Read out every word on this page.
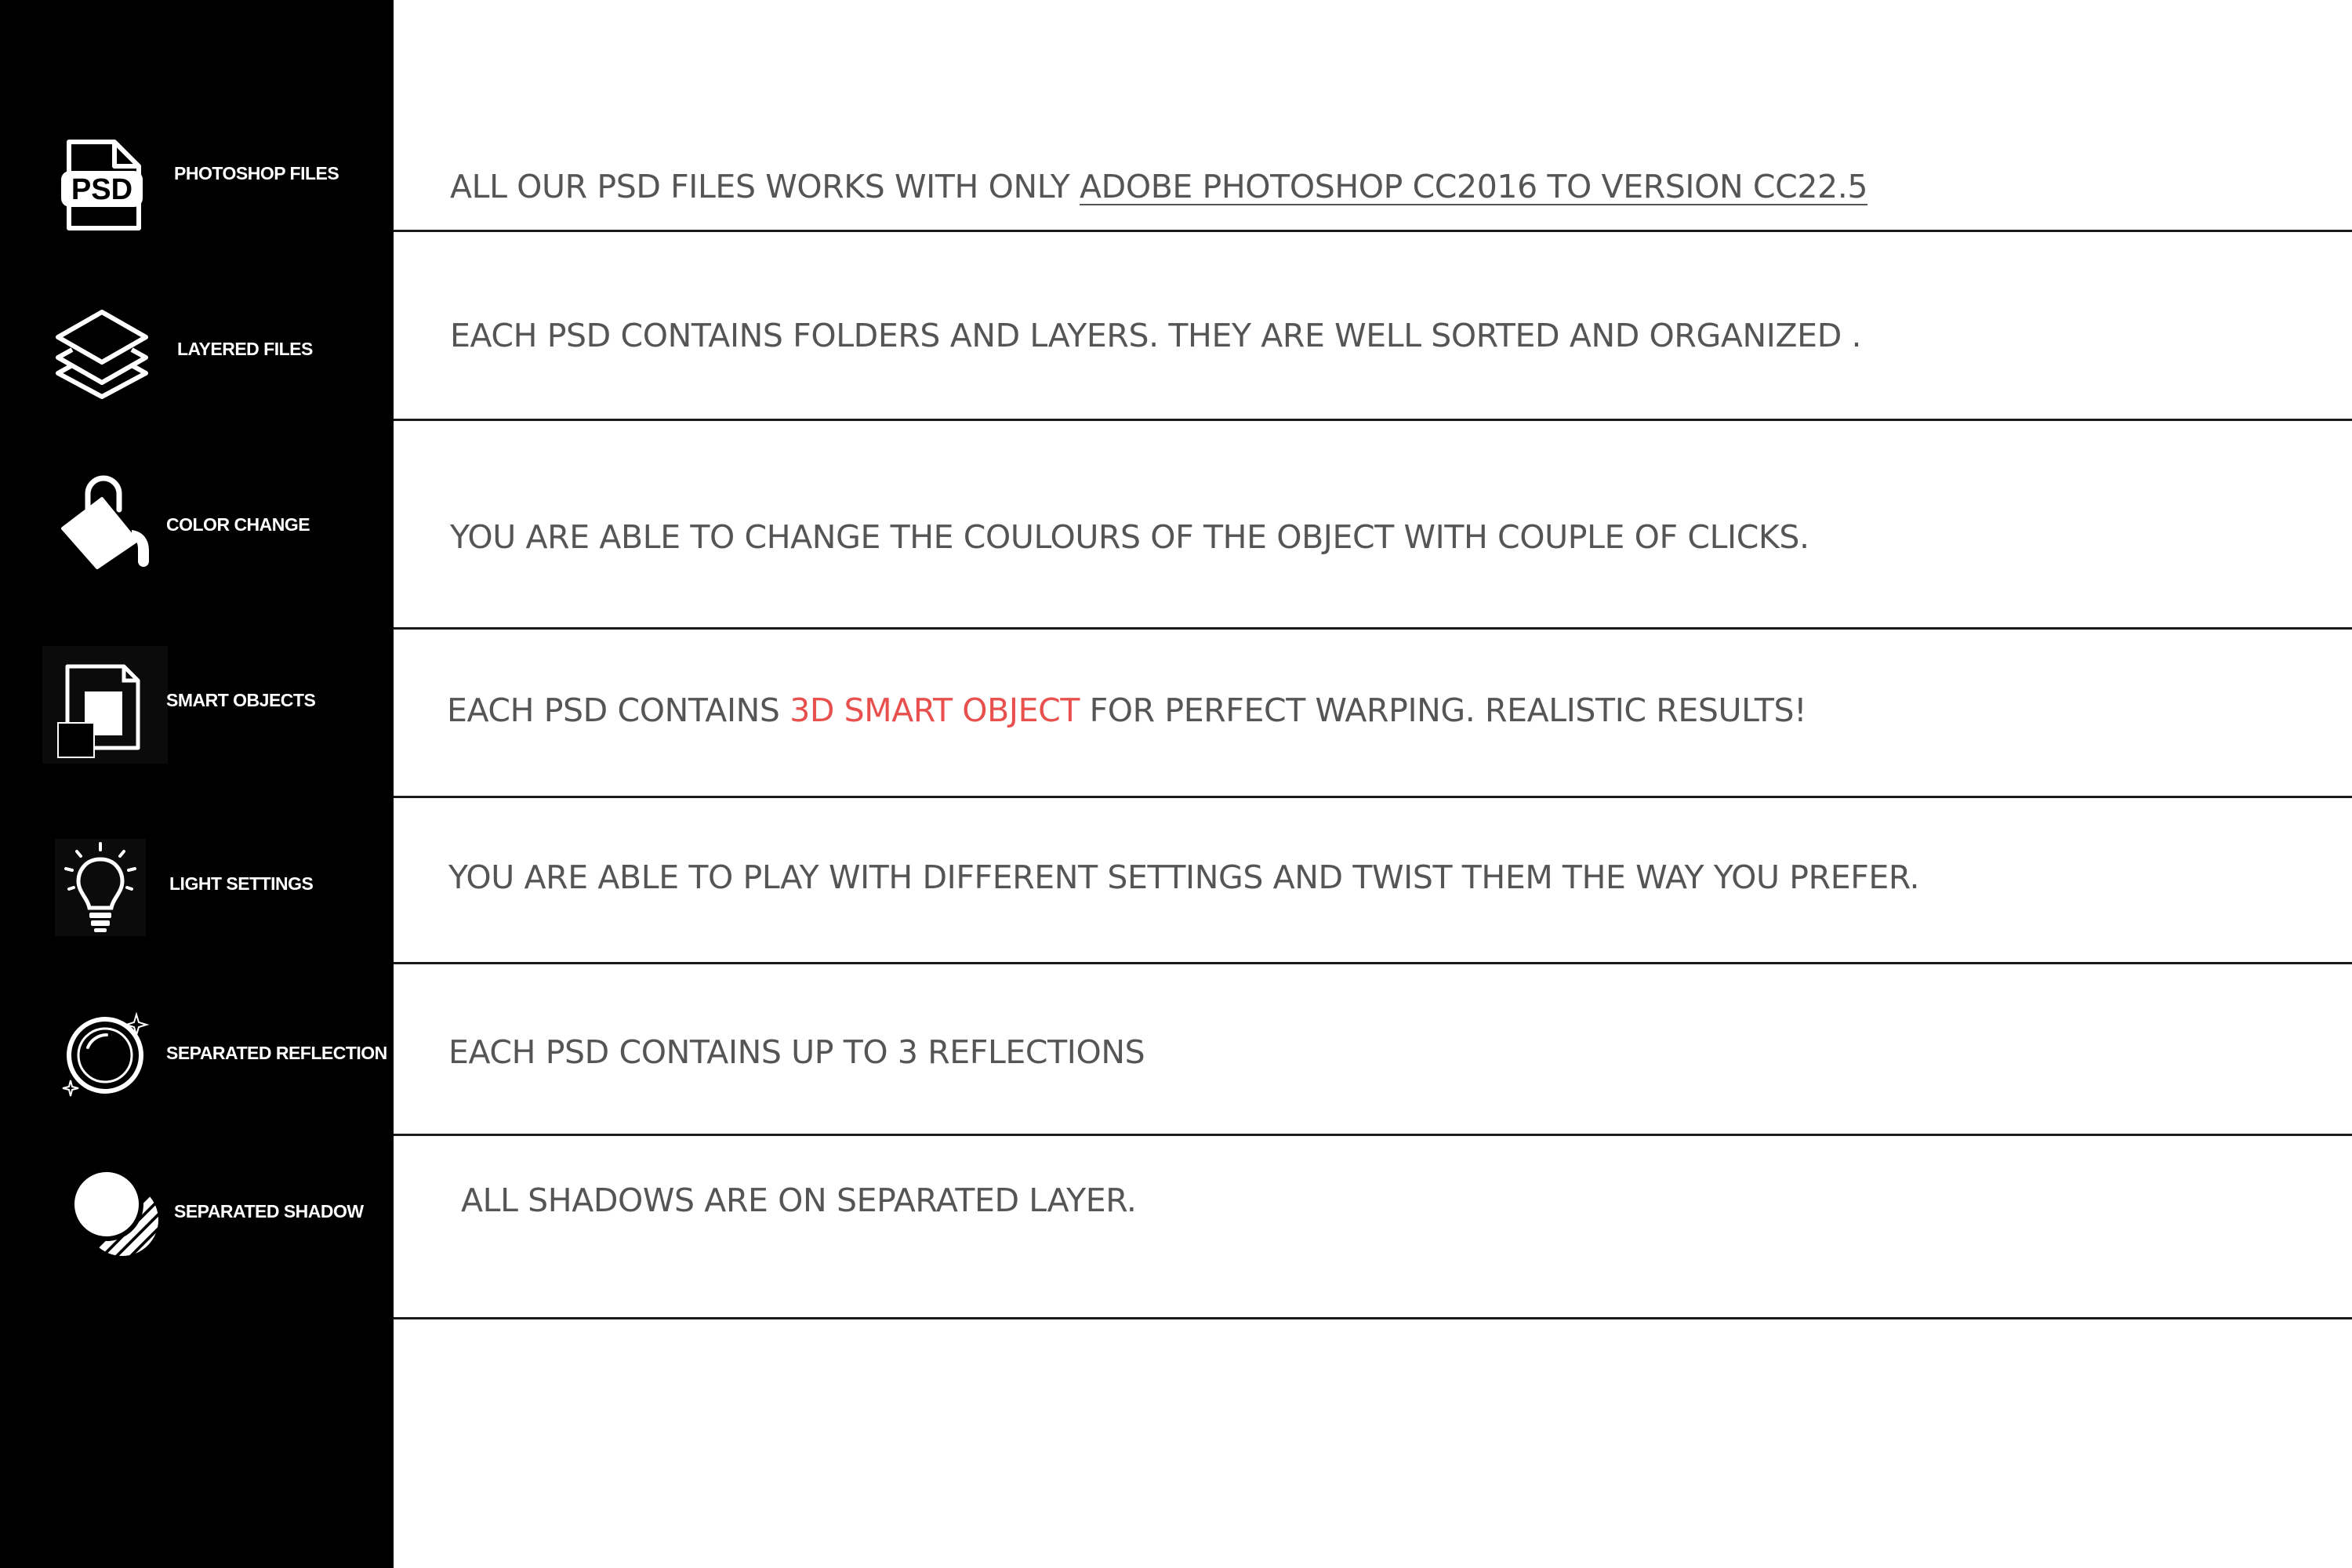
PSD PHOTOSHOP FILES
LAYERED FILES
COLOR CHANGE
SMART OBJECTS
LIGHT SETTINGS
SEPARATED REFLECTION
SEPARATED SHADOW
ALL OUR PSD FILES WORKS WITH ONLY ADOBE PHOTOSHOP CC2016 TO VERSION CC22.5
EACH PSD CONTAINS FOLDERS AND LAYERS. THEY ARE WELL SORTED AND ORGANIZED .
YOU ARE ABLE TO CHANGE THE COULOURS OF THE OBJECT WITH COUPLE OF CLICKS.
EACH PSD CONTAINS 3D SMART OBJECT FOR PERFECT WARPING. REALISTIC RESULTS!
YOU ARE ABLE TO PLAY WITH DIFFERENT SETTINGS AND TWIST THEM THE WAY YOU PREFER.
EACH PSD CONTAINS UP TO 3 REFLECTIONS
ALL SHADOWS ARE ON SEPARATED LAYER.
